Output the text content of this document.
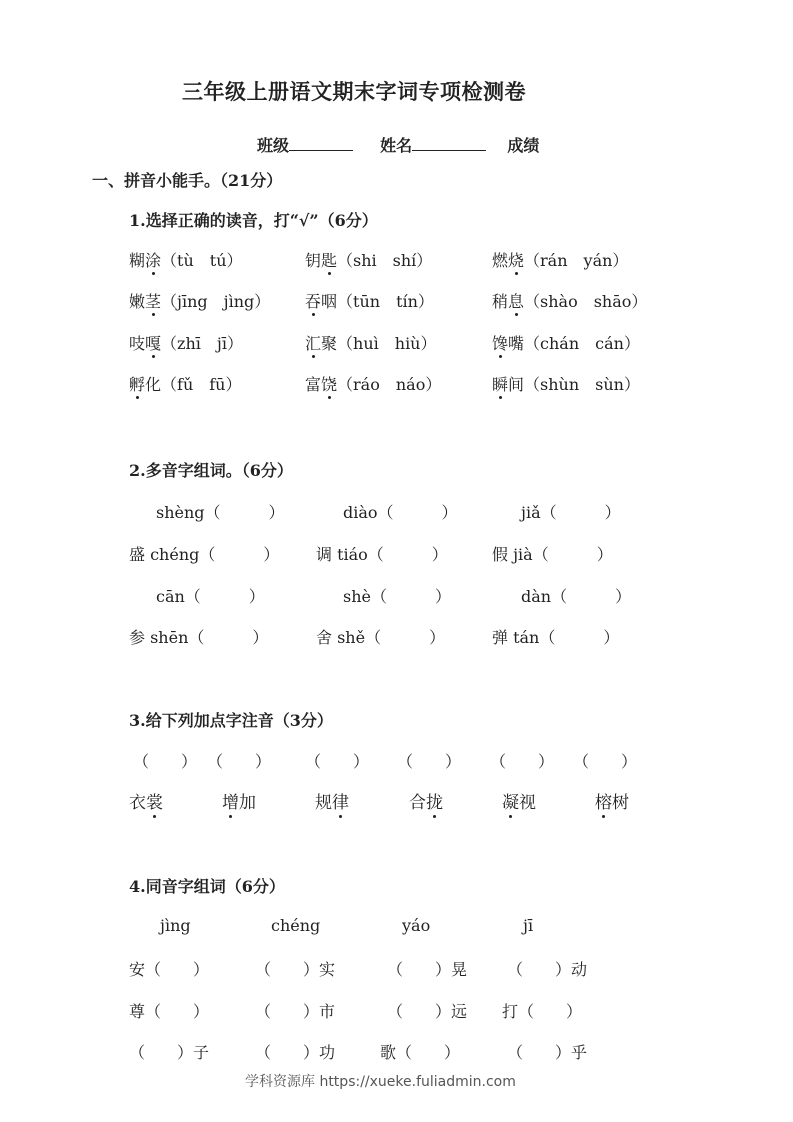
三年级上册语文期末字词专项检测卷
班级	姓名	成绩
一、拼音小能手。（21分）
1.选择正确的读音，打“√”（6分）
糊涂（tù　tú）	钥匙（shi　shí）	燃烧（rán　yán）
嫩茎（jīng　jìng） 吞咽（tūn　tín）	稍息（shào　shāo）
吱嘎（zhī　jī）	汇聚（huì　hiù）	馋嘴（chán　cán）
孵化（fǔ　fū）	富饶（ráo　náo）	瞬间（shùn　sùn）
2.多音字组词。（6分）
shèng（　　　）	diào（　　　）	jiǎ（　　　）
盛 chéng（　　　） 调 tiáo（　　　）	假 jià（　　　）
cān（　　　）	shè（　　　）	dàn（　　　）
参 shēn（　　　）	舍 shě（　　　）	弹 tán（　　　）
3.给下列加点字注音（3分）
（　　） （　　） （　　） （　　） （　　） （　　）
衣裳	增加	规律	合拢	凝视	榕树
4.同音字组词（6分）
jìng	chéng	yáo	jī
安（　　）	（　　）实	（　　）晃 （　　）动
尊（　　）	（　　）市	（　　）远 打（　　）
（　　）子	（　　）功	歌（　　）	（　　）乎
学科资源库 https://xueke.fuliadmin.com
